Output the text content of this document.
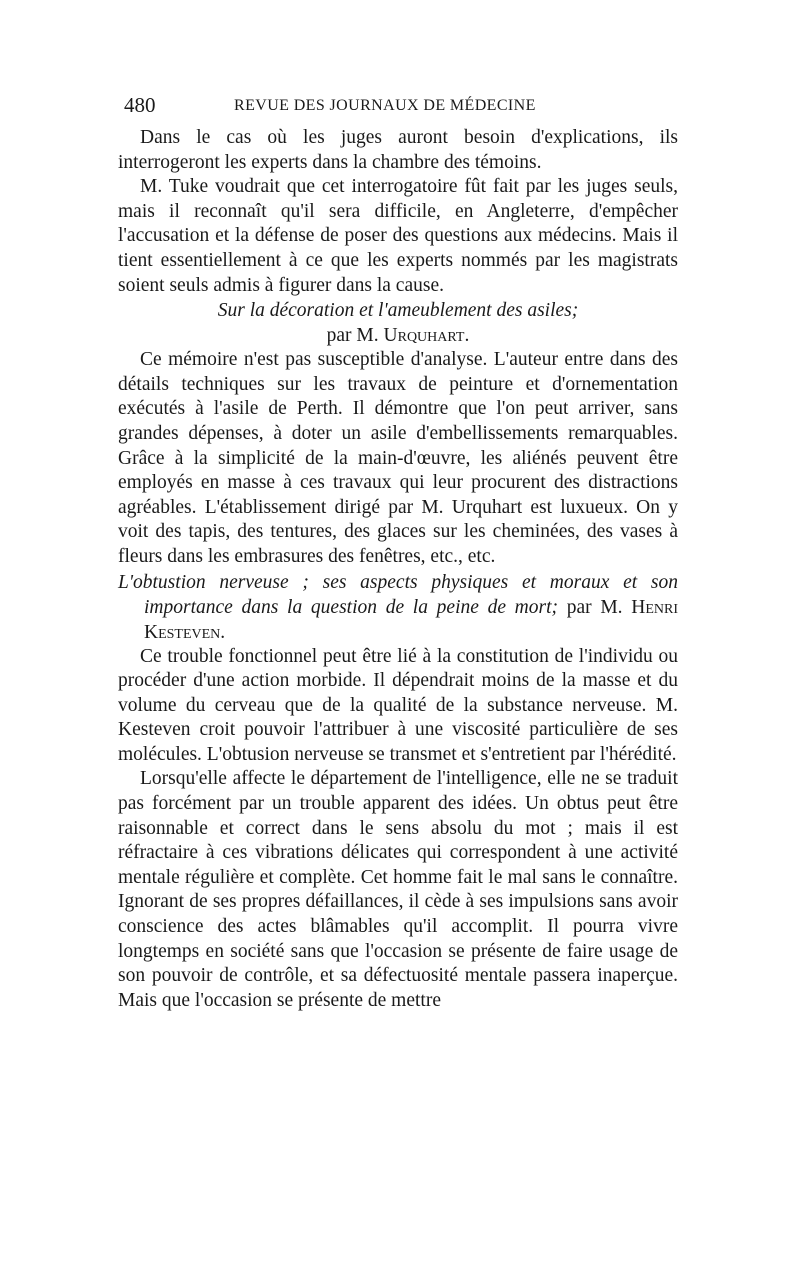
480	REVUE DES JOURNAUX DE MÉDECINE

Dans le cas où les juges auront besoin d'explications, ils interrogeront les experts dans la chambre des témoins.

M. Tuke voudrait que cet interrogatoire fût fait par les juges seuls, mais il reconnaît qu'il sera difficile, en Angleterre, d'empêcher l'accusation et la défense de poser des questions aux médecins. Mais il tient essentiellement à ce que les experts nommés par les magistrats soient seuls admis à figurer dans la cause.

Sur la décoration et l'ameublement des asiles;

par M. Urquhart.

Ce mémoire n'est pas susceptible d'analyse. L'auteur entre dans des détails techniques sur les travaux de peinture et d'ornementation exécutés à l'asile de Perth. Il démontre que l'on peut arriver, sans grandes dépenses, à doter un asile d'embellissements remarquables. Grâce à la simplicité de la main-d'œuvre, les aliénés peuvent être employés en masse à ces travaux qui leur procurent des distractions agréables. L'établissement dirigé par M. Urquhart est luxueux. On y voit des tapis, des tentures, des glaces sur les cheminées, des vases à fleurs dans les embrasures des fenêtres, etc., etc.

L'obtustion nerveuse ; ses aspects physiques et moraux et son importance dans la question de la peine de mort; par M. Henri Kesteven.

Ce trouble fonctionnel peut être lié à la constitution de l'individu ou procéder d'une action morbide. Il dépendrait moins de la masse et du volume du cerveau que de la qualité de la substance nerveuse. M. Kesteven croit pouvoir l'attribuer à une viscosité particulière de ses molécules. L'obtusion nerveuse se transmet et s'entretient par l'hérédité.

Lorsqu'elle affecte le département de l'intelligence, elle ne se traduit pas forcément par un trouble apparent des idées. Un obtus peut être raisonnable et correct dans le sens absolu du mot ; mais il est réfractaire à ces vibrations délicates qui correspondent à une activité mentale régulière et complète. Cet homme fait le mal sans le connaître. Ignorant de ses propres défaillances, il cède à ses impulsions sans avoir conscience des actes blâmables qu'il accomplit. Il pourra vivre longtemps en société sans que l'occasion se présente de faire usage de son pouvoir de contrôle, et sa défectuosité mentale passera inaperçue. Mais que l'occasion se présente de mettre
